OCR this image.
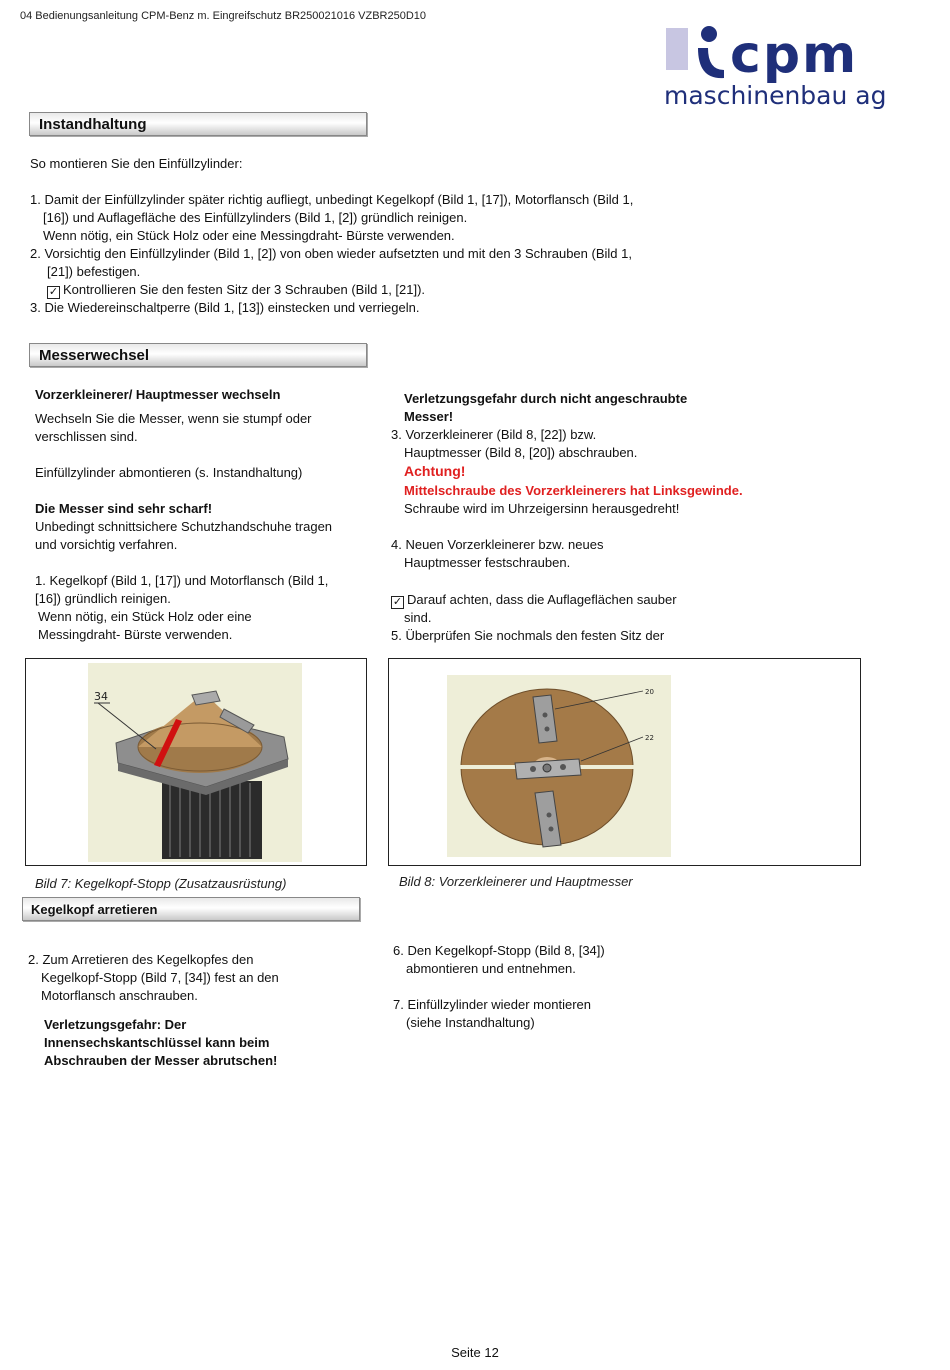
04 Bedienungsanleitung CPM-Benz m. Eingreifschutz BR250021016 VZBR250D10
cpm
maschinenbau ag
Instandhaltung
So montieren Sie den Einfüllzylinder:
1. Damit der Einfüllzylinder später richtig aufliegt, unbedingt Kegelkopf (Bild 1, [17]), Motorflansch (Bild 1,
[16]) und Auflagefläche des Einfüllzylinders (Bild 1, [2]) gründlich reinigen.
Wenn nötig, ein Stück Holz oder eine Messingdraht- Bürste verwenden.
2. Vorsichtig den Einfüllzylinder (Bild 1, [2]) von oben wieder aufsetzten und mit den 3 Schrauben (Bild 1,
[21]) befestigen.
✓ Kontrollieren Sie den festen Sitz der 3 Schrauben (Bild 1, [21]).
3. Die Wiedereinschaltperre (Bild 1, [13]) einstecken und verriegeln.
Messerwechsel
Vorzerkleinerer/ Hauptmesser wechseln
Wechseln Sie die Messer, wenn sie stumpf oder
verschlissen sind.
Einfüllzylinder abmontieren (s. Instandhaltung)
Die Messer sind sehr scharf!
Unbedingt schnittsichere Schutzhandschuhe tragen
und vorsichtig verfahren.
1. Kegelkopf (Bild 1, [17]) und Motorflansch (Bild 1,
[16]) gründlich reinigen.
Wenn nötig, ein Stück Holz oder eine
Messingdraht- Bürste verwenden.
Verletzungsgefahr durch nicht angeschraubte
Messer!
3. Vorzerkleinerer (Bild 8, [22]) bzw.
Hauptmesser (Bild 8, [20]) abschrauben.
Achtung!
Mittelschraube des Vorzerkleinerers hat Linksgewinde.
Schraube wird im Uhrzeigersinn herausgedreht!
4. Neuen Vorzerkleinerer bzw. neues
Hauptmesser festschrauben.
✓ Darauf achten, dass die Auflageflächen sauber
sind.
5. Überprüfen Sie nochmals den festen Sitz der
34
Bild 7: Kegelkopf-Stopp (Zusatzausrüstung)
20
22
Bild 8: Vorzerkleinerer und Hauptmesser
Kegelkopf arretieren
2. Zum Arretieren des Kegelkopfes den
Kegelkopf-Stopp (Bild 7, [34]) fest an den
Motorflansch anschrauben.
Verletzungsgefahr: Der
Innensechskantschlüssel kann beim
Abschrauben der Messer abrutschen!
6. Den Kegelkopf-Stopp (Bild 8, [34])
abmontieren und entnehmen.
7. Einfüllzylinder wieder montieren
(siehe Instandhaltung)
Seite 12
